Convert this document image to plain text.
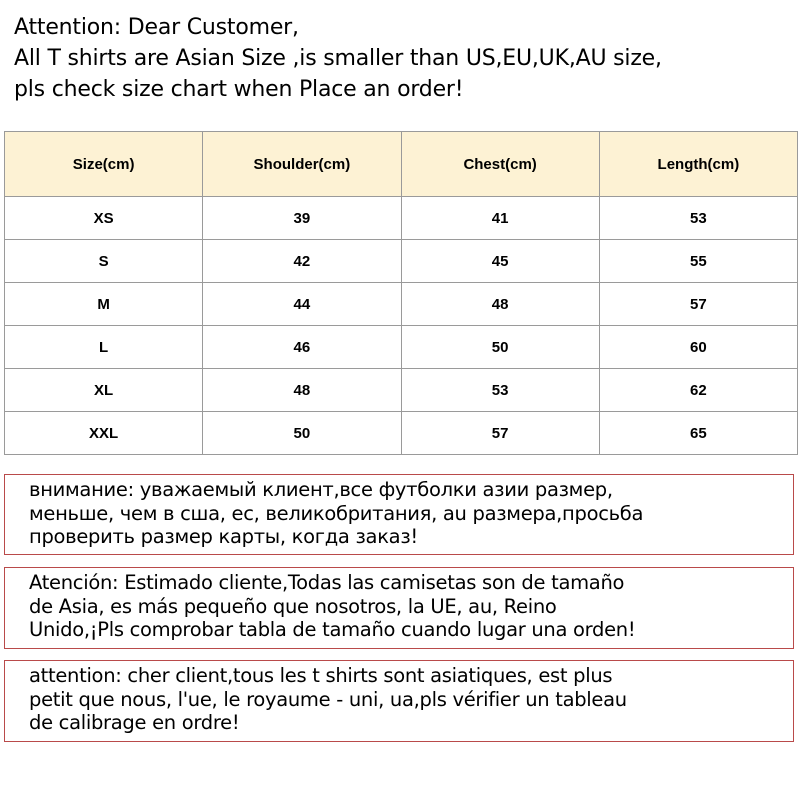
Attention: Dear Customer,
All T shirts are Asian Size ,is smaller than US,EU,UK,AU size,
pls check size chart when Place an order!
Size(cm)	Shoulder(cm)	Chest(cm)	Length(cm)
XS	39	41	53
S	42	45	55
M	44	48	57
L	46	50	60
XL	48	53	62
XXL	50	57	65
внимание: уважаемый клиент,все футболки азии размер,
меньше, чем в сша, ес, великобритания, au размера,просьба
проверить размер карты, когда заказ!
Atención: Estimado cliente,Todas las camisetas son de tamaño
de Asia, es más pequeño que nosotros, la UE, au, Reino
Unido,¡Pls comprobar tabla de tamaño cuando lugar una orden!
attention: cher client,tous les t shirts sont asiatiques, est plus
petit que nous, l'ue, le royaume - uni, ua,pls vérifier un tableau
de calibrage en ordre!
